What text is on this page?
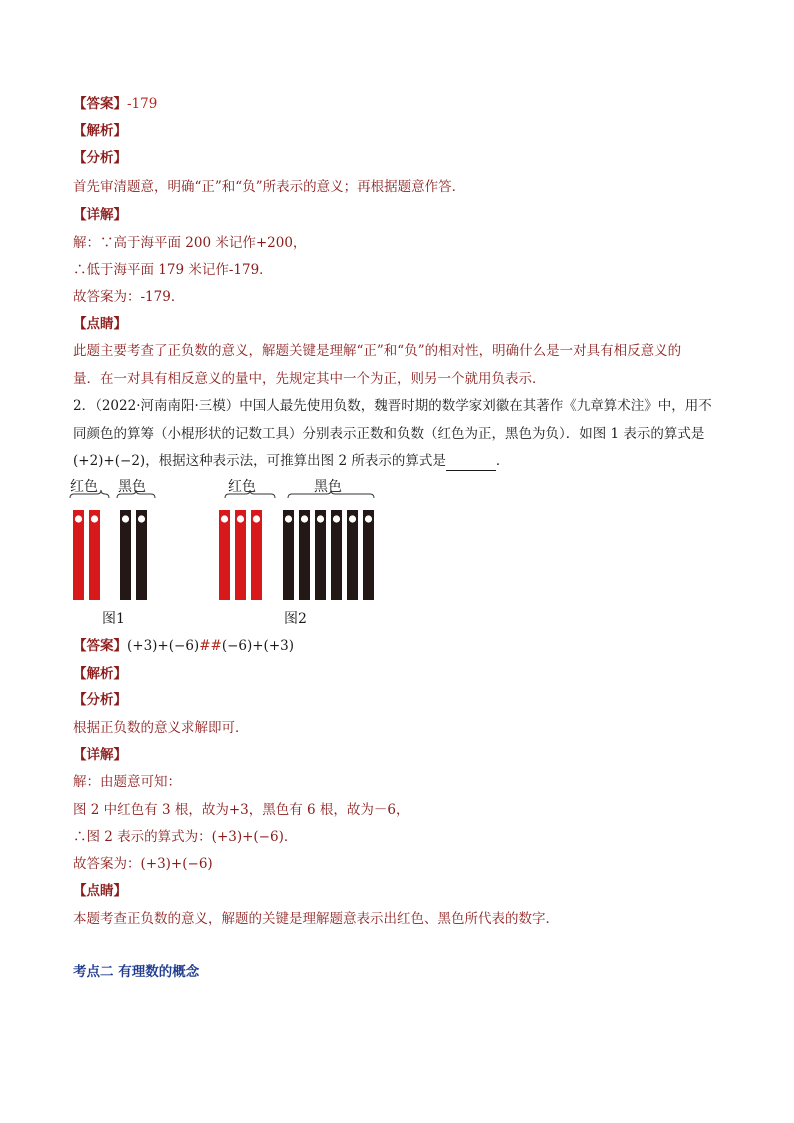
【答案】-179
【解析】
【分析】
首先审清题意，明确“正”和“负”所表示的意义；再根据题意作答．
【详解】
解：∵高于海平面 200 米记作+200，
∴低于海平面 179 米记作-179．
故答案为：-179．
【点睛】
此题主要考查了正负数的意义，解题关键是理解“正”和“负”的相对性，明确什么是一对具有相反意义的
量．在一对具有相反意义的量中，先规定其中一个为正，则另一个就用负表示．
2．（2022·河南南阳·三模）中国人最先使用负数，魏晋时期的数学家刘徽在其著作《九章算术注》中，用不
同颜色的算筹（小棍形状的记数工具）分别表示正数和负数（红色为正，黑色为负）．如图 1 表示的算式是
(+2)+(−2)，根据这种表示法，可推算出图 2 所表示的算式是	．
红色 黑色	红色	黑色
图1	图2
【答案】(+3)+(−6)##(−6)+(+3)
【解析】
【分析】
根据正负数的意义求解即可．
【详解】
解：由题意可知：
图 2 中红色有 3 根，故为+3，黑色有 6 根，故为－6，
∴图 2 表示的算式为：(+3)+(−6)．
故答案为：(+3)+(−6)
【点睛】
本题考查正负数的意义，解题的关键是理解题意表示出红色、黑色所代表的数字．
考点二 有理数的概念
